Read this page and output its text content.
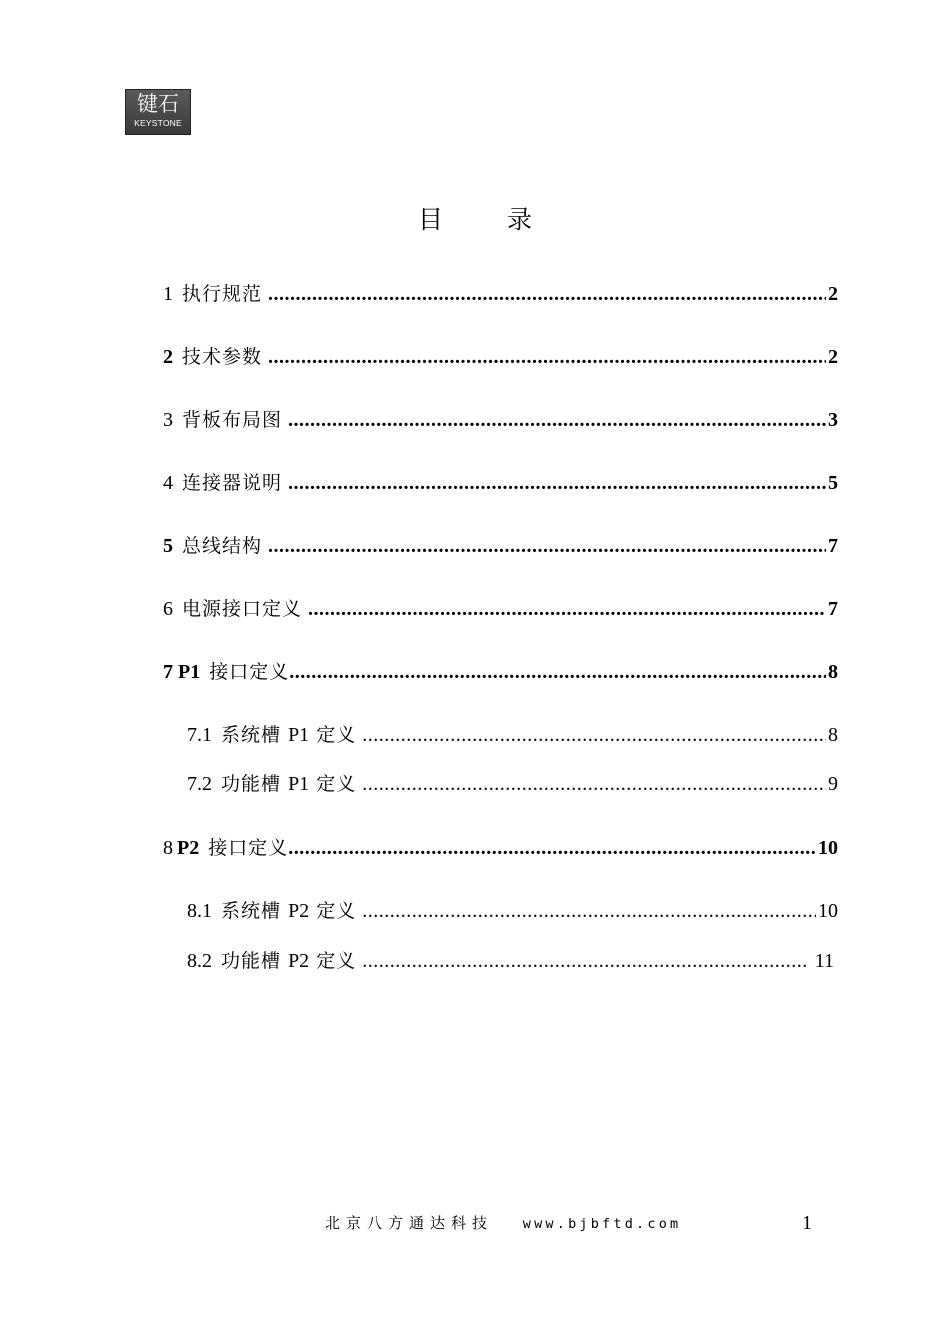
键石
KEYSTONE
目 录
1 执行规范 .....	2
2 技术参数 .....	2
3 背板布局图 .....	3
4 连接器说明 .....	5
5 总线结构 .....	7
6 电源接口定义 .....	7
7 P1 接口定义 .....	8
7.1 系统槽 P1 定义 .....	8
7.2 功能槽 P1 定义 .....	9
8 P2 接口定义 .....	10
8.1 系统槽 P2 定义 .....	10
8.2 功能槽 P2 定义 .....	11
北京八方通达科技 www.bjbftd.com	1
